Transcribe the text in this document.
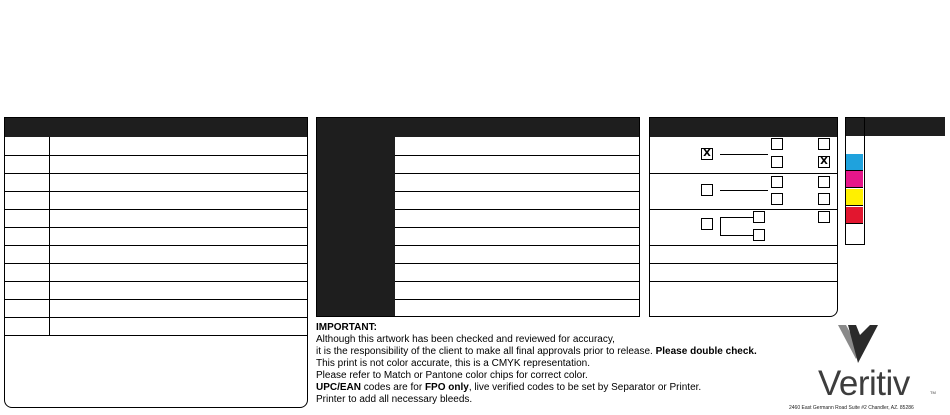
X
X
IMPORTANT:
Although this artwork has been checked and reviewed for accuracy,
it is the responsibility of the client to make all final approvals prior to release. Please double check.
This print is not color accurate, this is a CMYK representation.
Please refer to Match or Pantone color chips for correct color.
UPC/EAN codes are for FPO only, live verified codes to be set by Separator or Printer.
Printer to add all necessary bleeds.	Veritiv	TM
2460 East Germann Road Suite #2 Chandler, AZ. 85286
